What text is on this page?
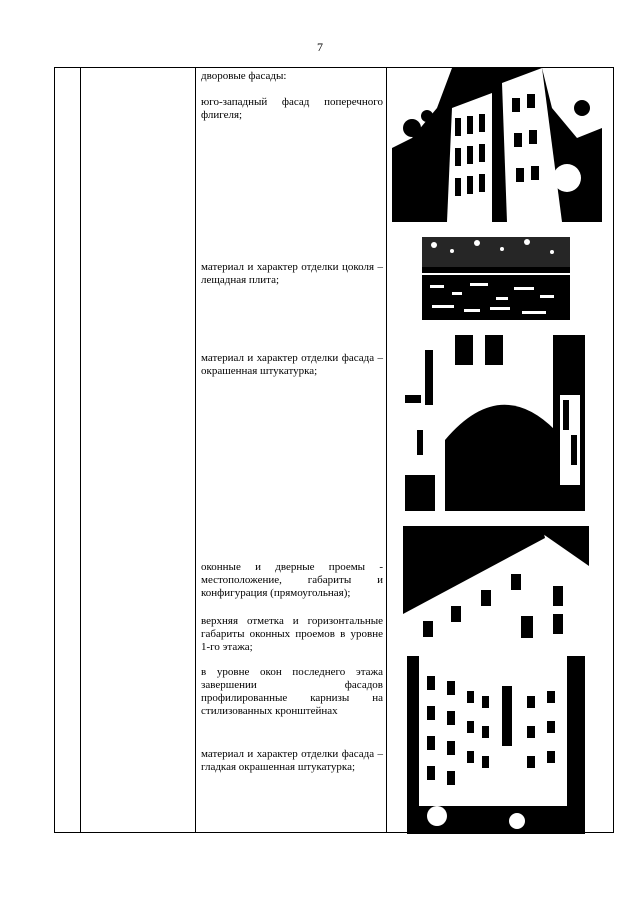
7

дворовые фасады:

юго-западный фасад поперечного флигеля;

материал и характер отделки цоколя – лещадная плита;

материал и характер отделки фасада – окрашенная штукатурка;

оконные и дверные проемы - местоположение, габариты и конфигурация (прямоугольная);

верхняя отметка и горизонтальные габариты оконных проемов в уровне 1-го этажа;

в уровне окон последнего этажа завершении фасадов профилированные карнизы на стилизованных кронштейнах

материал и характер отделки фасада – гладкая окрашенная штукатурка;
